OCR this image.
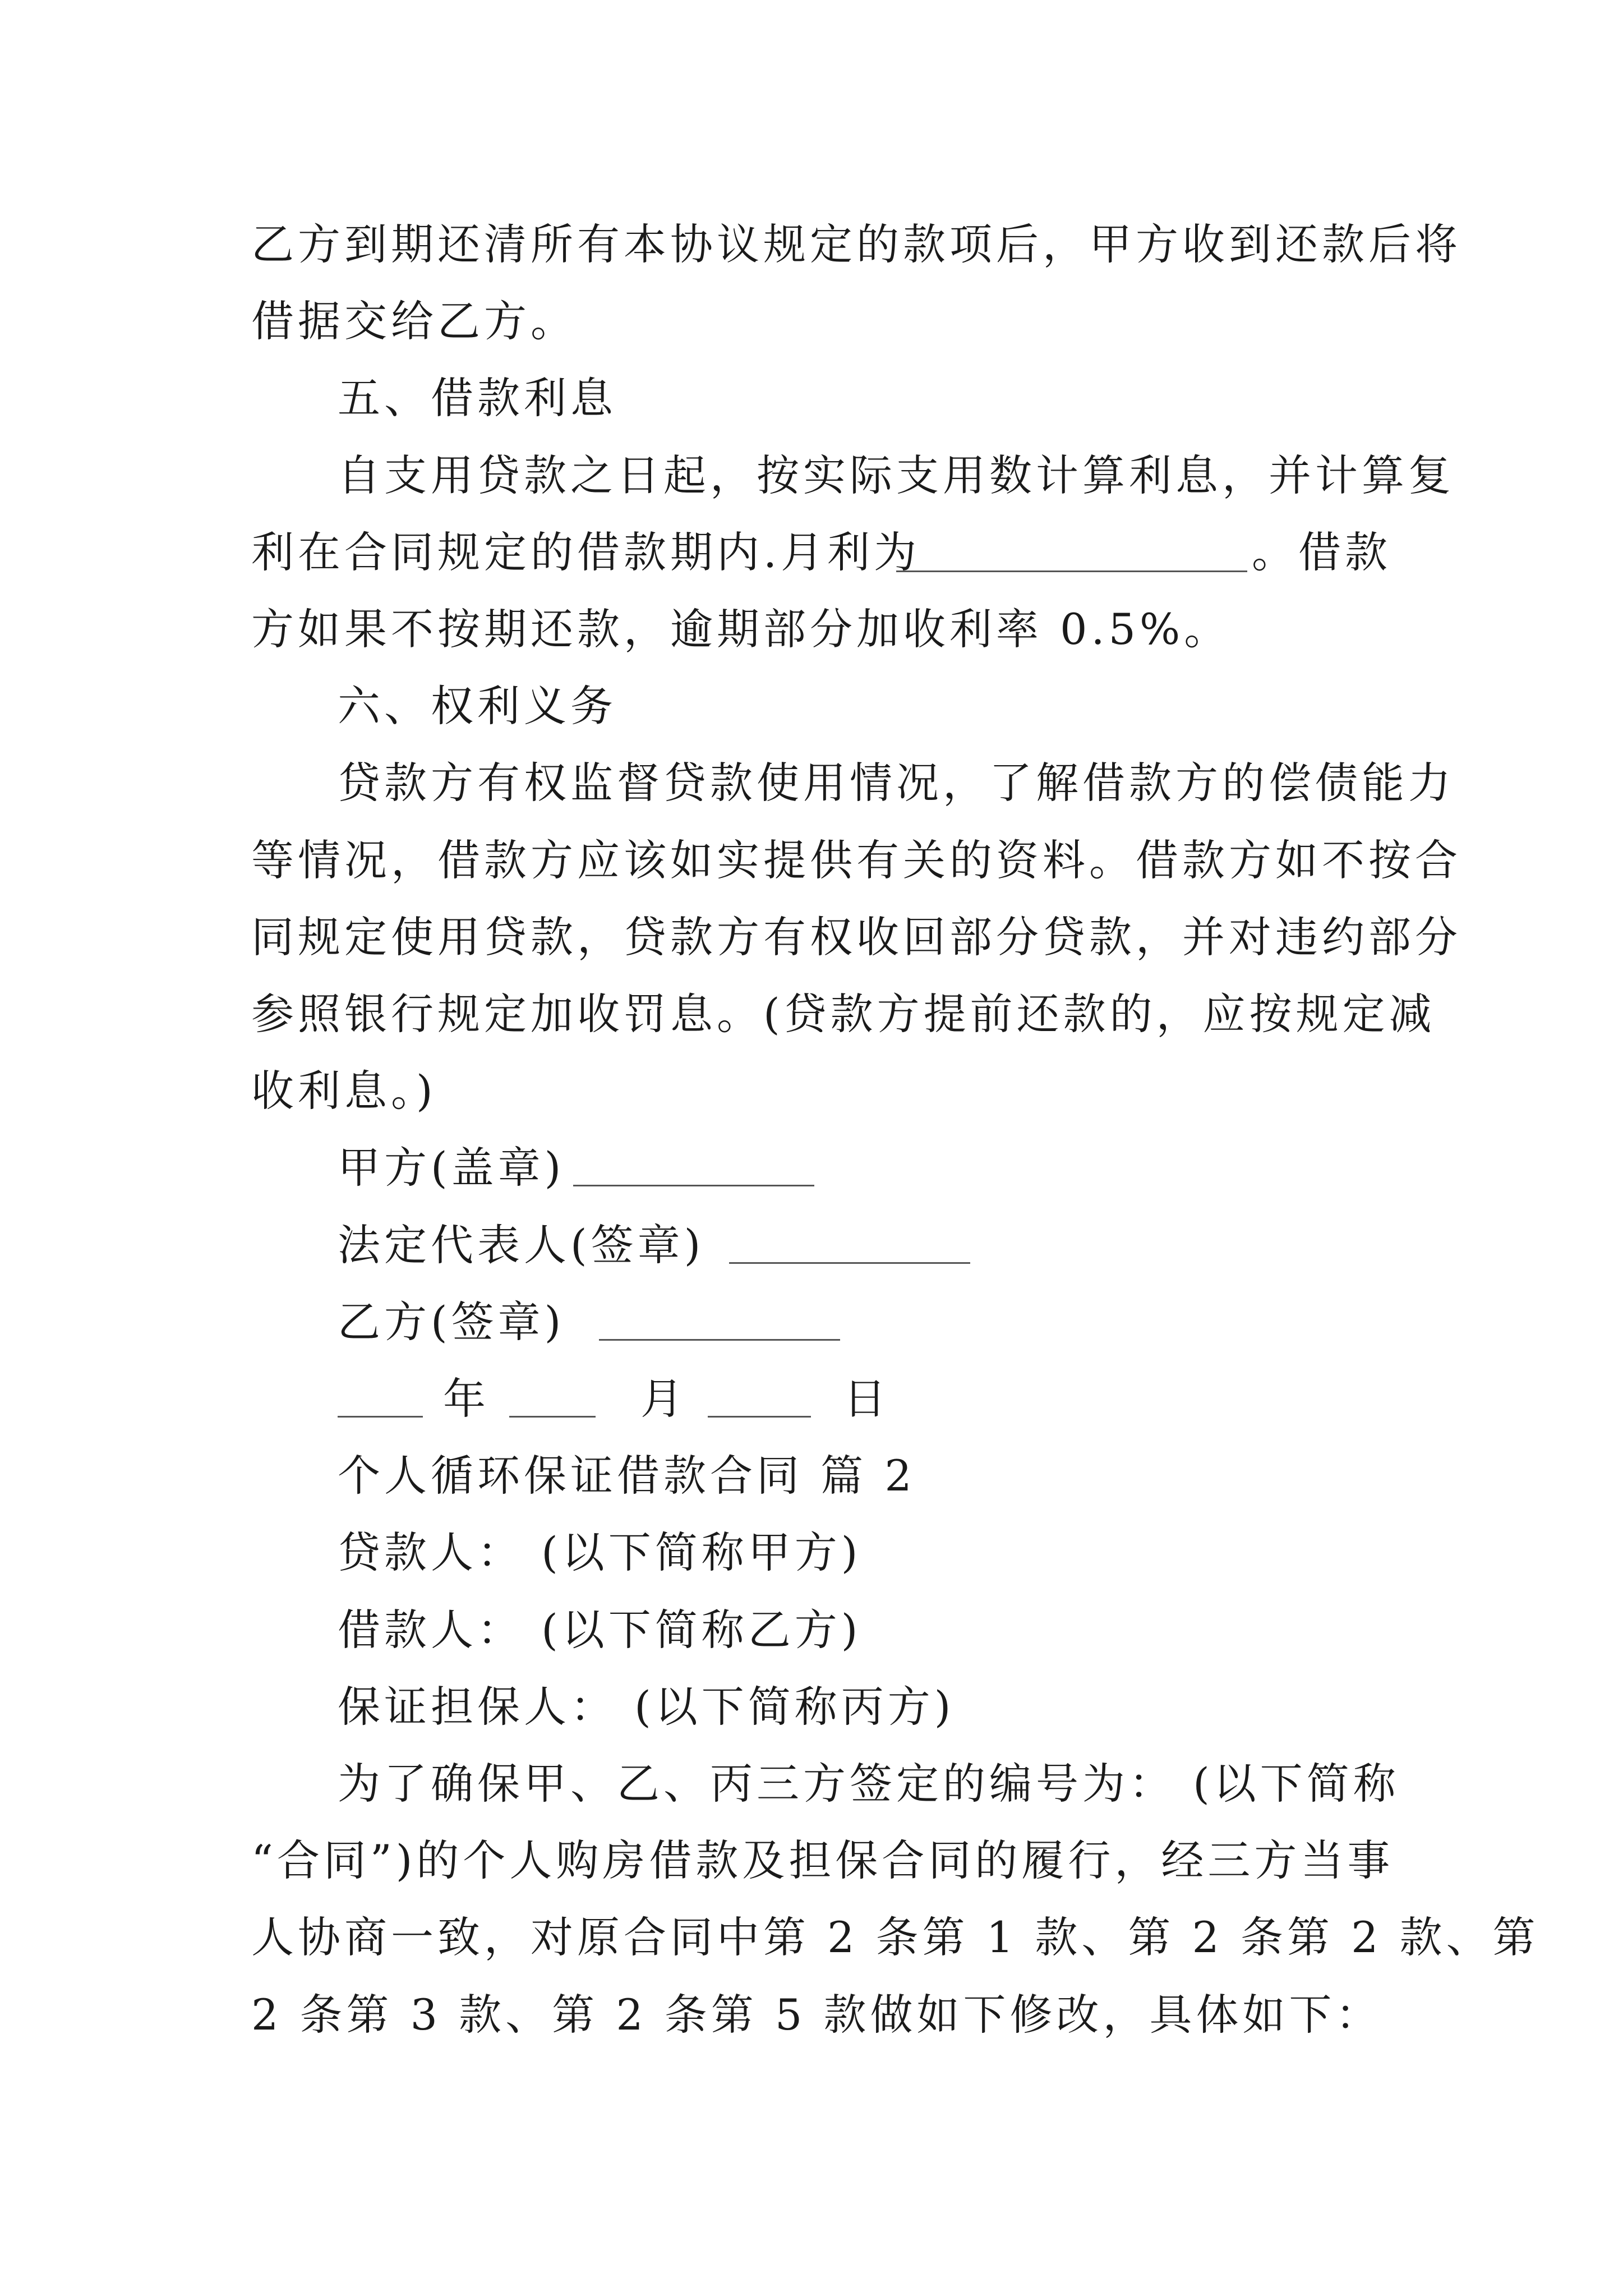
乙方到期还清所有本协议规定的款项后，甲方收到还款后将
借据交给乙方。
五、借款利息
自支用贷款之日起，按实际支用数计算利息，并计算复
利在合同规定的借款期内.月利为	。借款
方如果不按期还款，逾期部分加收利率 0.5%。
六、权利义务
贷款方有权监督贷款使用情况，了解借款方的偿债能力
等情况，借款方应该如实提供有关的资料。借款方如不按合
同规定使用贷款，贷款方有权收回部分贷款，并对违约部分
参照银行规定加收罚息。(贷款方提前还款的，应按规定减
收利息。)
甲方(盖章)
法定代表人(签章)
乙方(签章)
年	月	日
个人循环保证借款合同 篇 2
贷款人： (以下简称甲方)
借款人： (以下简称乙方)
保证担保人： (以下简称丙方)
为了确保甲、乙、丙三方签定的编号为： (以下简称
“合同”)的个人购房借款及担保合同的履行，经三方当事
人协商一致，对原合同中第 2 条第 1 款、第 2 条第 2 款、第
2 条第 3 款、第 2 条第 5 款做如下修改，具体如下：
